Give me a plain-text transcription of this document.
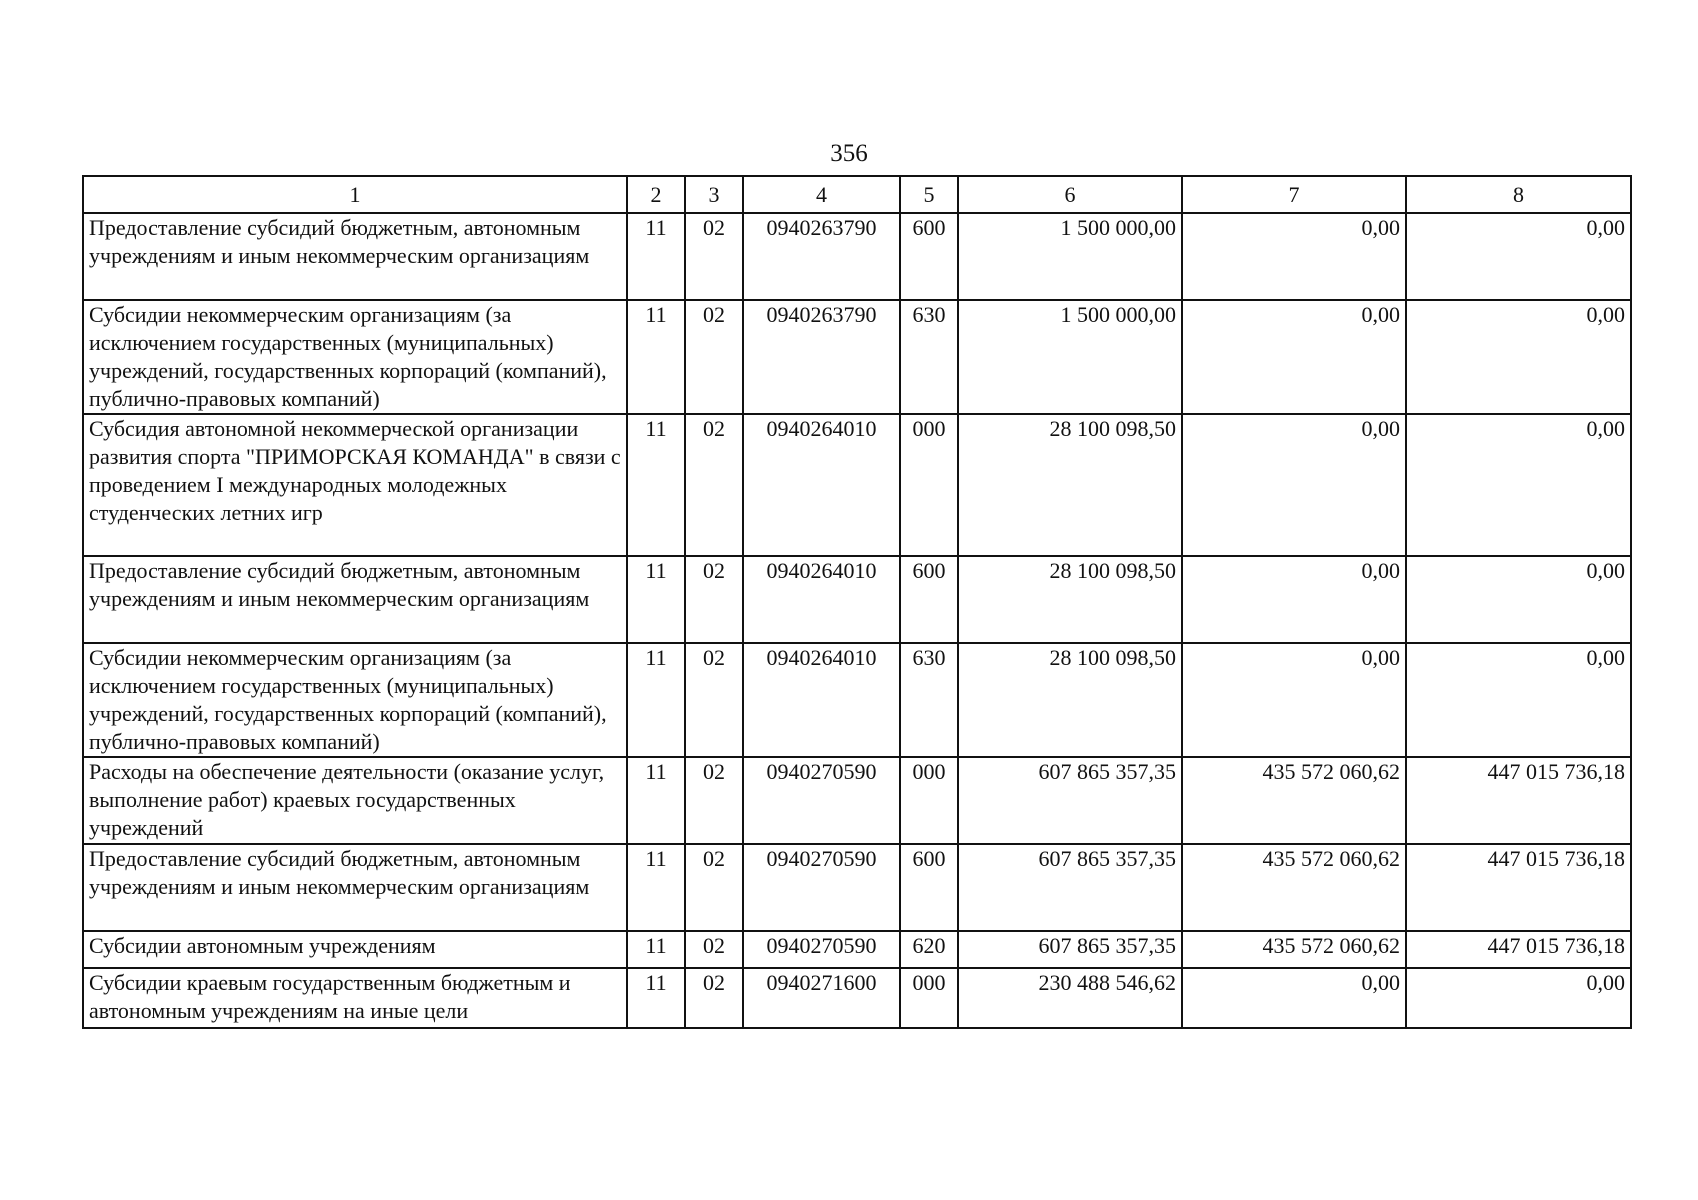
356
1	2	3	4	5	6	7	8
Предоставление субсидий бюджетным, автономным учреждениям и иным некоммерческим организациям	11	02	0940263790	600	1 500 000,00	0,00	0,00
Субсидии некоммерческим организациям (за исключением государственных (муниципальных) учреждений, государственных корпораций (компаний), публично-правовых компаний)	11	02	0940263790	630	1 500 000,00	0,00	0,00
Субсидия автономной некоммерческой организации развития спорта "ПРИМОРСКАЯ КОМАНДА" в связи с проведением I международных молодежных студенческих летних игр	11	02	0940264010	000	28 100 098,50	0,00	0,00
Предоставление субсидий бюджетным, автономным учреждениям и иным некоммерческим организациям	11	02	0940264010	600	28 100 098,50	0,00	0,00
Субсидии некоммерческим организациям (за исключением государственных (муниципальных) учреждений, государственных корпораций (компаний), публично-правовых компаний)	11	02	0940264010	630	28 100 098,50	0,00	0,00
Расходы на обеспечение деятельности (оказание услуг, выполнение работ) краевых государственных учреждений	11	02	0940270590	000	607 865 357,35	435 572 060,62	447 015 736,18
Предоставление субсидий бюджетным, автономным учреждениям и иным некоммерческим организациям	11	02	0940270590	600	607 865 357,35	435 572 060,62	447 015 736,18
Субсидии автономным учреждениям	11	02	0940270590	620	607 865 357,35	435 572 060,62	447 015 736,18
Субсидии краевым государственным бюджетным и автономным учреждениям на иные цели	11	02	0940271600	000	230 488 546,62	0,00	0,00
